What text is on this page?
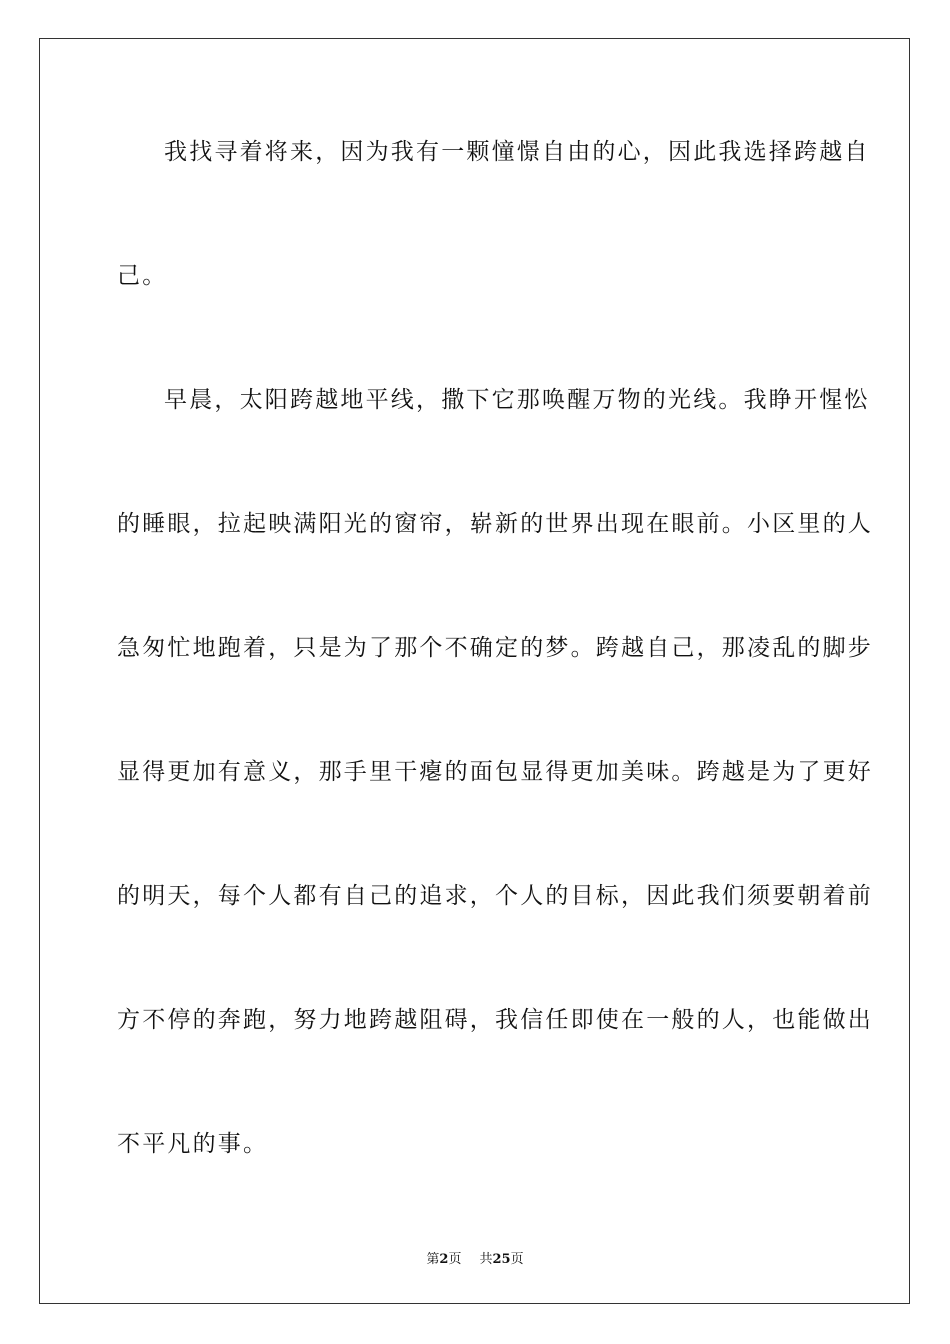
我找寻着将来，因为我有一颗憧憬自由的心，因此我选择跨越自

己。

早晨，太阳跨越地平线，撒下它那唤醒万物的光线。我睁开惺忪

的睡眼，拉起映满阳光的窗帘，崭新的世界出现在眼前。小区里的人

急匆忙地跑着，只是为了那个不确定的梦。跨越自己，那凌乱的脚步

显得更加有意义，那手里干瘪的面包显得更加美味。跨越是为了更好

的明天，每个人都有自己的追求，个人的目标，因此我们须要朝着前

方不停的奔跑，努力地跨越阻碍，我信任即使在一般的人，也能做出

不平凡的事。

第2页 共25页
